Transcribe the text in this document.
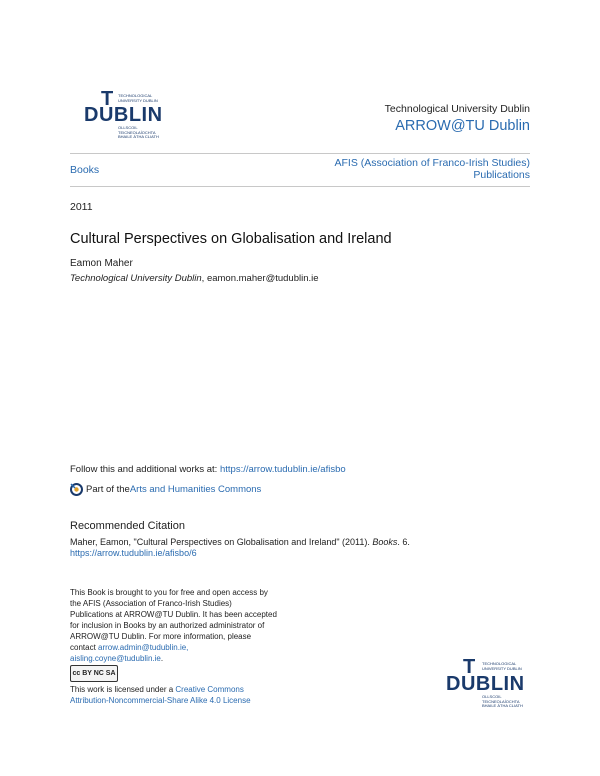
T
DUBLIN
TECHNOLOGICAL
UNIVERSITY DUBLIN
OLLSCOIL TEICNEOLAÍOCHTA
BHAILE ÁTHA CLIATH
Technological University Dublin
ARROW@TU Dublin
Books
AFIS (Association of Franco-Irish Studies)
Publications
2011
Cultural Perspectives on Globalisation and Ireland
Eamon Maher
Technological University Dublin, eamon.maher@tudublin.ie
Follow this and additional works at: https://arrow.tudublin.ie/afisbo
Part of the Arts and Humanities Commons
Recommended Citation
Maher, Eamon, "Cultural Perspectives on Globalisation and Ireland" (2011). Books. 6.
https://arrow.tudublin.ie/afisbo/6
This Book is brought to you for free and open access by
the AFIS (Association of Franco-Irish Studies)
Publications at ARROW@TU Dublin. It has been accepted
for inclusion in Books by an authorized administrator of
ARROW@TU Dublin. For more information, please
contact arrow.admin@tudublin.ie,
aisling.coyne@tudublin.ie.
cc BY NC SA
This work is licensed under a Creative Commons
Attribution-Noncommercial-Share Alike 4.0 License
T
DUBLIN
TECHNOLOGICAL
UNIVERSITY DUBLIN
OLLSCOIL TEICNEOLAÍOCHTA
BHAILE ÁTHA CLIATH
